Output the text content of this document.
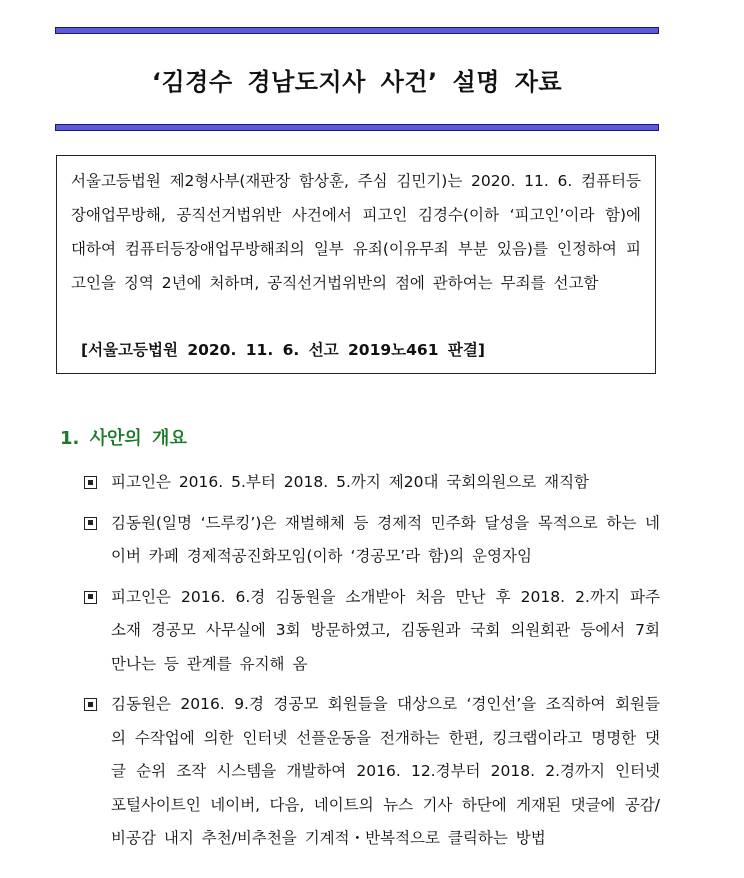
‘김경수 경남도지사 사건’ 설명 자료

서울고등법원 제2형사부(재판장 함상훈, 주심 김민기)는 2020. 11. 6. 컴퓨터등장애업무방해, 공직선거법위반 사건에서 피고인 김경수(이하 ‘피고인’이라 함)에 대하여 컴퓨터등장애업무방해죄의 일부 유죄(이유무죄 부분 있음)를 인정하여 피고인을 징역 2년에 처하며, 공직선거법위반의 점에 관하여는 무죄를 선고함

[서울고등법원 2020. 11. 6. 선고 2019노461 판결]
1. 사안의 개요
피고인은 2016. 5.부터 2018. 5.까지 제20대 국회의원으로 재직함
김동원(일명 ‘드루킹’)은 재벌해체 등 경제적 민주화 달성을 목적으로 하는 네이버 카페 경제적공진화모임(이하 ‘경공모’라 함)의 운영자임
피고인은 2016. 6.경 김동원을 소개받아 처음 만난 후 2018. 2.까지 파주 소재 경공모 사무실에 3회 방문하였고, 김동원과 국회 의원회관 등에서 7회 만나는 등 관계를 유지해 옴
김동원은 2016. 9.경 경공모 회원들을 대상으로 ‘경인선’을 조직하여 회원들의 수작업에 의한 인터넷 선플운동을 전개하는 한편, 킹크랩이라고 명명한 댓글 순위 조작 시스템을 개발하여 2016. 12.경부터 2018. 2.경까지 인터넷 포털사이트인 네이버, 다음, 네이트의 뉴스 기사 하단에 게재된 댓글에 공감/비공감 내지 추천/비추천을 기계적・반복적으로 클릭하는 방법
